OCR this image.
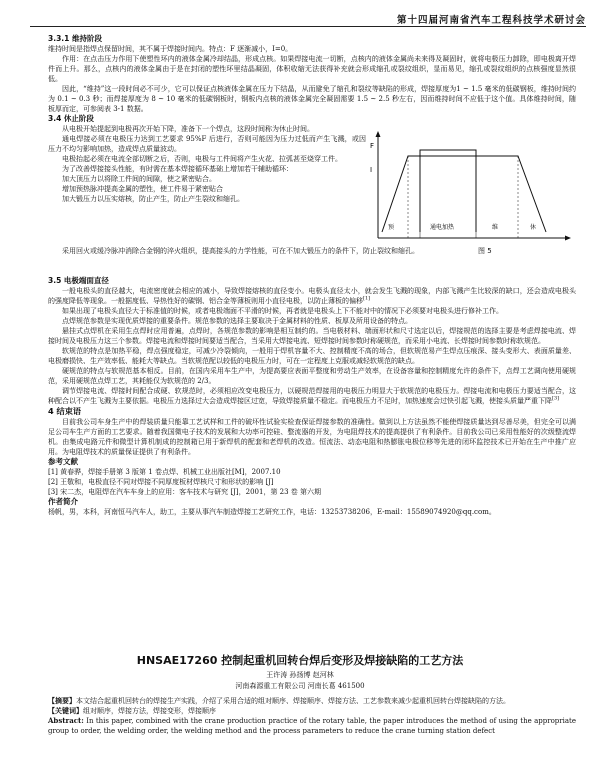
第十四届河南省汽车工程科技学术研讨会

3.3.1 维持阶段

维持时间是指焊点保留时间，其不属于焊接时间内。特点：F 逐渐减小，I=0。

作用：在点击压力作用下使塑性环内的液体金属冷却结晶，形成点核。如果焊接电流一切断，点核内的液体金属尚未来得及凝固时，就将电极压力卸除，即电极离开焊件而上升。那么，点核内的液体金属由于是在封闭的塑性环里结晶凝固，体积收缩无法获得补充就会形成缩孔或裂纹组织，显而易见，缩孔或裂纹组织的点核强度显然很低。

因此，“维持”这一段时间必不可少，它可以保证点核液体金属在压力下结晶，从而避免了缩孔和裂纹等缺陷的形成，焊接厚度为1 ~ 1.5 毫米的低碳钢板，维持时间约为 0.1 ~ 0.3 秒；而焊接厚度为 8 ~ 10 毫米的低碳钢板时，钢板内点核的液体金属完全凝固需要 1.5 ~ 2.5 秒左右，因而维持时间不应低于这个值。具体维持时间，随板厚而定，可参阅表 3-1 数据。

3.4 休止阶段

从电极开始提起到电极再次开始下降，准备下一个焊点，这段时间称为休止时间。

通电焊接必须在电极压力达到工艺要求 95%F 后进行，否则可能因为压力过低而产生飞溅，或因压力不均匀影响加热，造成焊点质量波动。

电极抬起必须在电流全部切断之后，否则，电极与工件间将产生火花、拉弧甚至烧穿工件。

为了改善焊接接头性能，有时需在基本焊接循环基础上增加若干辅助循环：

加大顶压力以将除工件间的间隙，使之紧密贴合。

增加预热脉冲提高金属的塑性，使工件易于紧密贴合

加大锻压力以压实熔核，防止产生，防止产生裂纹和缩孔。

F
I
预	通电加热	维	休
图 5

采用回火或缓冷脉冲消除合金钢的淬火组织，提高接头的力学性能，可在不加大锻压力的条件下，防止裂纹和缩孔。

3.5 电极端面直径

一般电极头的直径越大，电流密度就会相应的减小，导致焊接熔核的直径变小。电极头直径太小，就会发生飞溅的现象，内部飞溅产生比较深的缺口，还会造成电极头的强度降低等现象。一般据度低、导热性好的碳钢、铝合金等薄板则用小直径电极，以防止薄板的偏移[1]

如果出现了电极头直径大于标准值的时候，或者电极端面不平滑的时候，再者就是电极头上下不能对中的情况下必须要对电极头进行修补工作。

点焊规范参数是实现优质焊接的重要条件。规范参数的选择主要取决于金属材料的性质、板厚及所用设备的特点。

悬挂式点焊机在采用生点焊时应用普遍，点焊时，各规范参数的影响是相互制约的。当电极材料、端面形状和尺寸选定以后，焊接规范的选择主要是考虑焊接电流、焊接时间及电极压力这三个参数。焊接电流和焊接时间要适当配合，当采用大焊接电流、短焊接时间参数时称硬规范，而采用小电流、长焊接时间参数时称软规范。

软规范的特点是加热平稳，焊点强度稳定，可减少冷裂倾向，一般用于焊机容量不大、控制精度不高的场合，但软规范易产生焊点压痕深、接头变形大、表面质量差、电极磨损快、生产效率低、能耗大等缺点。当软规范配以较低的电极压力时，可在一定程度上克服或减轻软规范的缺点。

硬规范的特点与软规范基本相反。目前，在国内采用车生产中，为提高要应表面平整度和劳动生产效率，在设备容量和控制精度允许的条件下，点焊工艺调向使用硬规范，采用硬规范点焊工艺，其耗能仅为软规范的 2/3。

调节焊接电流、焊接时间配合成硬、软规范时，必须相应改变电极压力，以硬规范焊接用的电极压力明显大于软规范的电极压力。焊接电流和电极压力要适当配合，这种配合以不产生飞溅为主要依据。电极压力选择过大会造成焊接区过宽，导致焊接质量不稳定。而电极压力不足时，加热速度会过快引起飞溅，使接头质量严重下降[3]

4 结束语

目前我公司车身生产中的焊装质量只能靠工艺试样和工件的破坏性试验实检查保证焊接参数的准确性。做到以上方法虽然不能使焊接质量达到尽善尽美，但完全可以满足公司车生产方面的工艺要求。随着我国微电子技术的发展和大功率可控硅、整流器的开发，为电阻焊技术的提高提供了有利条件。目前我公司已采用性能好的次级整流焊机。由集成电路元件和微型计算机制成的控制箱已用于新焊机的配套和老焊机的改造。恒流法、动态电阻和热膨胀电极位移等先进的闭环监控技术已开始在生产中推广应用。为电阻焊技术的质量保证提供了有利条件。

参考文献

[1] 黄春骅，焊接手册第 3 版第 1 卷点焊、机械工业出版社[M]，2007.10

[2] 王敬和，电极直径不同对焊接不同厚度板材焊核尺寸和形状的影响 [J]

[3] 宋二杰，电阻焊在汽车车身上的应用：客车技术与研究 [J]，2001，第 23 卷 第六期

作者简介

杨帆，男，本科，河南恒马汽车人，助工，主要从事汽车制造焊接工艺研究工作，电话：13253738206，E-mail：15589074920@qq.com。

HNSAE17260 控制起重机回转台焊后变形及焊接缺陷的工艺方法
王许涛 孙扬博 赵河林
河南森源重工有限公司 河南长葛 461500

【摘要】本文结合起重机回转台的焊接生产实践，介绍了采用合适的组对顺序、焊接顺序、焊接方法、工艺参数来减少起重机回转台焊接缺陷的方法。

【关键词】组对顺序，焊接方法，焊接变形，焊接顺序

Abstract: In this paper, combined with the crane production practice of the rotary table, the paper introduces the method of using the appropriate group to order, the welding order, the welding method and the process parameters to reduce the crane turning station defect
